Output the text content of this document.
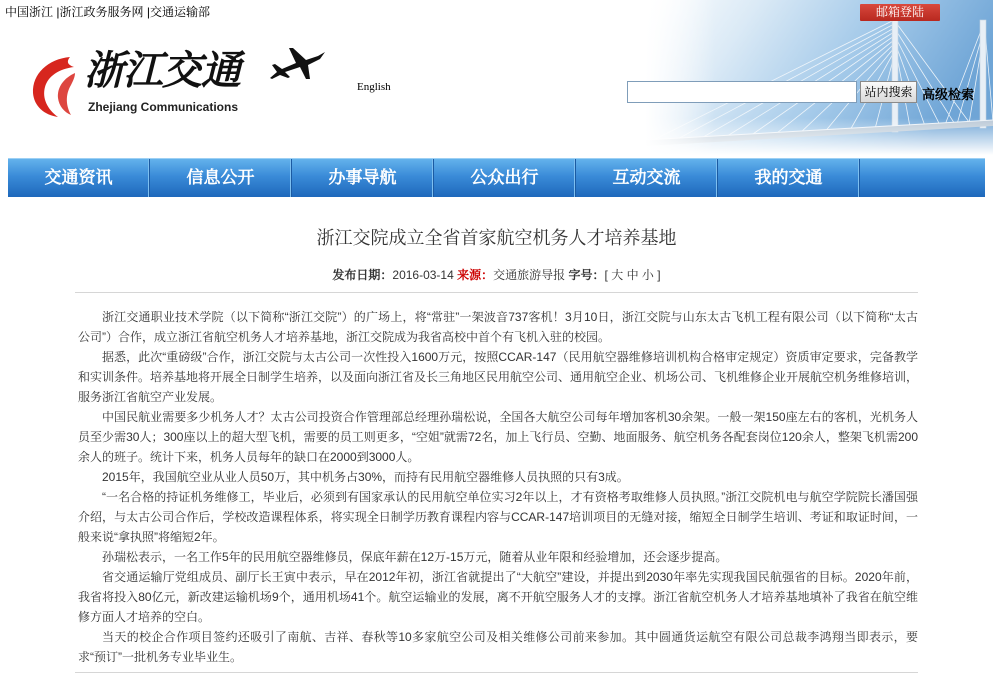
中国浙江 |浙江政务服务网 |交通运输部	邮箱登陆
浙江交通
Zhejiang Communications
English	站内搜索 高级检索
交通资讯	信息公开	办事导航	公众出行	互动交流	我的交通
浙江交院成立全省首家航空机务人才培养基地
发布日期：2016-03-14 来源：交通旅游导报 字号：[ 大 中 小 ]

浙江交通职业技术学院（以下简称“浙江交院”）的广场上，将“常驻”一架波音737客机！3月10日，浙江交院与山东太古飞机工程有限公司（以下简称“太古公司”）合作，成立浙江省航空机务人才培养基地，浙江交院成为我省高校中首个有飞机入驻的校园。

据悉，此次“重磅级”合作，浙江交院与太古公司一次性投入1600万元，按照CCAR-147（民用航空器维修培训机构合格审定规定）资质审定要求，完备教学和实训条件。培养基地将开展全日制学生培养，以及面向浙江省及长三角地区民用航空公司、通用航空企业、机场公司、飞机维修企业开展航空机务维修培训，服务浙江省航空产业发展。

中国民航业需要多少机务人才？太古公司投资合作管理部总经理孙瑞松说，全国各大航空公司每年增加客机30余架。一般一架150座左右的客机，光机务人员至少需30人；300座以上的超大型飞机，需要的员工则更多，“空姐”就需72名，加上飞行员、空勤、地面服务、航空机务各配套岗位120余人，整架飞机需200余人的班子。统计下来，机务人员每年的缺口在2000到3000人。

2015年，我国航空业从业人员50万，其中机务占30%，而持有民用航空器维修人员执照的只有3成。

“一名合格的持证机务维修工，毕业后，必须到有国家承认的民用航空单位实习2年以上，才有资格考取维修人员执照。”浙江交院机电与航空学院院长潘国强介绍，与太古公司合作后，学校改造课程体系，将实现全日制学历教育课程内容与CCAR-147培训项目的无缝对接，缩短全日制学生培训、考证和取证时间，一般来说“拿执照”将缩短2年。

孙瑞松表示，一名工作5年的民用航空器维修员，保底年薪在12万-15万元，随着从业年限和经验增加，还会逐步提高。

省交通运输厅党组成员、副厅长王寅中表示，早在2012年初，浙江省就提出了“大航空”建设，并提出到2030年率先实现我国民航强省的目标。2020年前，我省将投入80亿元，新改建运输机场9个，通用机场41个。航空运输业的发展，离不开航空服务人才的支撑。浙江省航空机务人才培养基地填补了我省在航空维修方面人才培养的空白。

当天的校企合作项目签约还吸引了南航、吉祥、春秋等10多家航空公司及相关维修公司前来参加。其中圆通货运航空有限公司总裁李鸿翔当即表示，要求“预订”一批机务专业毕业生。
